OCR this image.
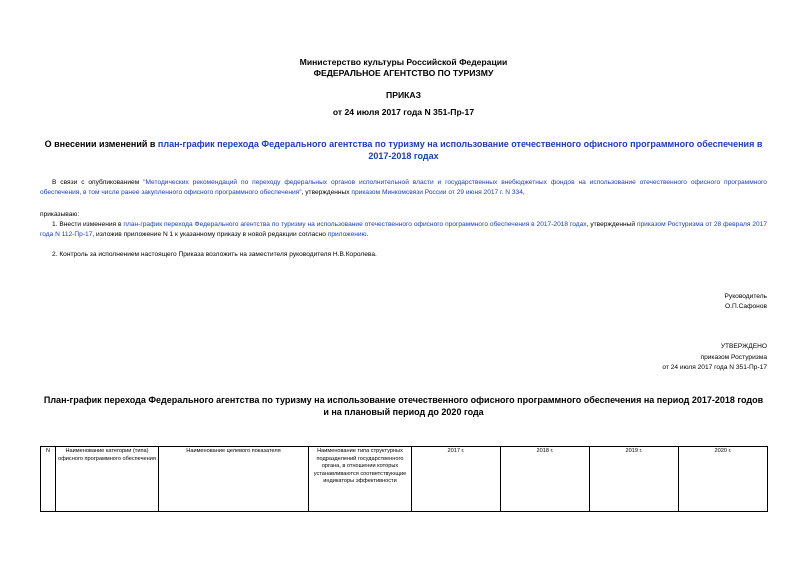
Министерство культуры Российской Федерации
ФЕДЕРАЛЬНОЕ АГЕНТСТВО ПО ТУРИЗМУ
ПРИКАЗ
от 24 июля 2017 года N 351-Пр-17
О внесении изменений в план-график перехода Федерального агентства по туризму на использование отечественного офисного программного обеспечения в 2017-2018 годах
В связи с опубликованием "Методических рекомендаций по переходу федеральных органов исполнительной власти и государственных внебюджетных фондов на использование отечественного офисного программного обеспечения, в том числе ранее закупленного офисного программного обеспечения", утвержденных приказом Минкомсвязи России от 29 июня 2017 г. N 334,
приказываю:
1. Внести изменения в план-график перехода Федерального агентства по туризму на использование отечественного офисного программного обеспечения в 2017-2018 годах, утвержденный приказом Ростуризма от 28 февраля 2017 года N 112-Пр-17, изложив приложение N 1 к указанному приказу в новой редакции согласно приложению.
2. Контроль за исполнением настоящего Приказа возложить на заместителя руководителя Н.В.Королева.
Руководитель
О.П.Сафонов
УТВЕРЖДЕНО
приказом Ростуризма
от 24 июля 2017 года N 351-Пр-17
План-график перехода Федерального агентства по туризму на использование отечественного офисного программного обеспечения на период 2017-2018 годов и на плановый период до 2020 года
N	Наименование категории (типа) офисного программного обеспечения	Наименование целевого показателя	Наименование типа структурных подразделений государственного органа, в отношении которых устанавливаются соответствующие индикаторы эффективности	2017 г.	2018 г.	2019 г.	2020 г.
